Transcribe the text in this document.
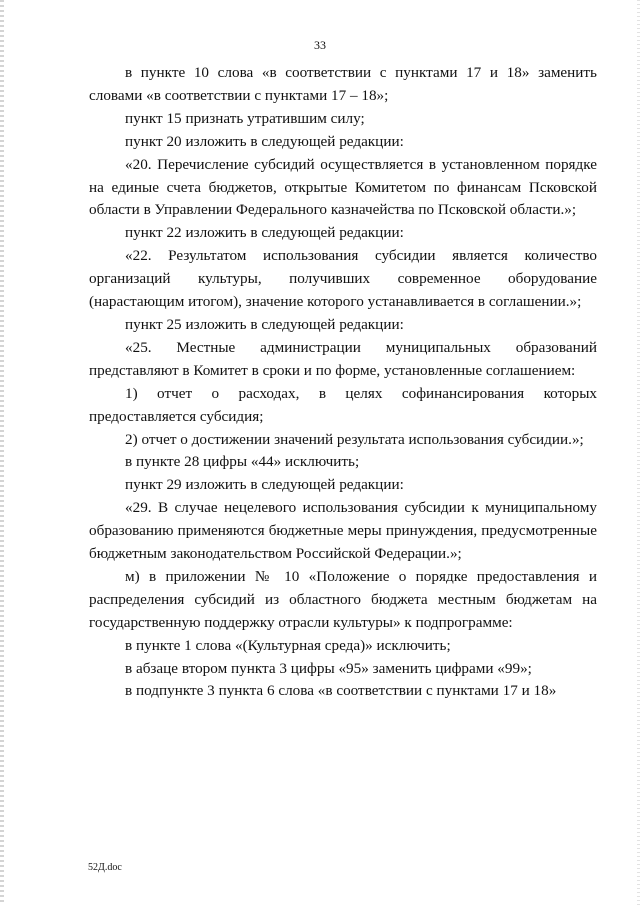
33

в пункте 10 слова «в соответствии с пунктами 17 и 18» заменить словами «в соответствии с пунктами 17 – 18»;

пункт 15 признать утратившим силу;

пункт 20 изложить в следующей редакции:

«20. Перечисление субсидий осуществляется в установленном порядке на единые счета бюджетов, открытые Комитетом по финансам Псковской области в Управлении Федерального казначейства по Псковской области.»;

пункт 22 изложить в следующей редакции:

«22. Результатом использования субсидии является количество организаций культуры, получивших современное оборудование (нарастающим итогом), значение которого устанавливается в соглашении.»;

пункт 25 изложить в следующей редакции:

«25. Местные администрации муниципальных образований представляют в Комитет в сроки и по форме, установленные соглашением:

1) отчет о расходах, в целях софинансирования которых предоставляется субсидия;

2) отчет о достижении значений результата использования субсидии.»;

в пункте 28 цифры «44» исключить;

пункт 29 изложить в следующей редакции:

«29. В случае нецелевого использования субсидии к муниципальному образованию применяются бюджетные меры принуждения, предусмотренные бюджетным законодательством Российской Федерации.»;

м) в приложении № 10 «Положение о порядке предоставления и распределения субсидий из областного бюджета местным бюджетам на государственную поддержку отрасли культуры» к подпрограмме:

в пункте 1 слова «(Культурная среда)» исключить;

в абзаце втором пункта 3 цифры «95» заменить цифрами «99»;

в подпункте 3 пункта 6 слова «в соответствии с пунктами 17 и 18»

52Д.doc
